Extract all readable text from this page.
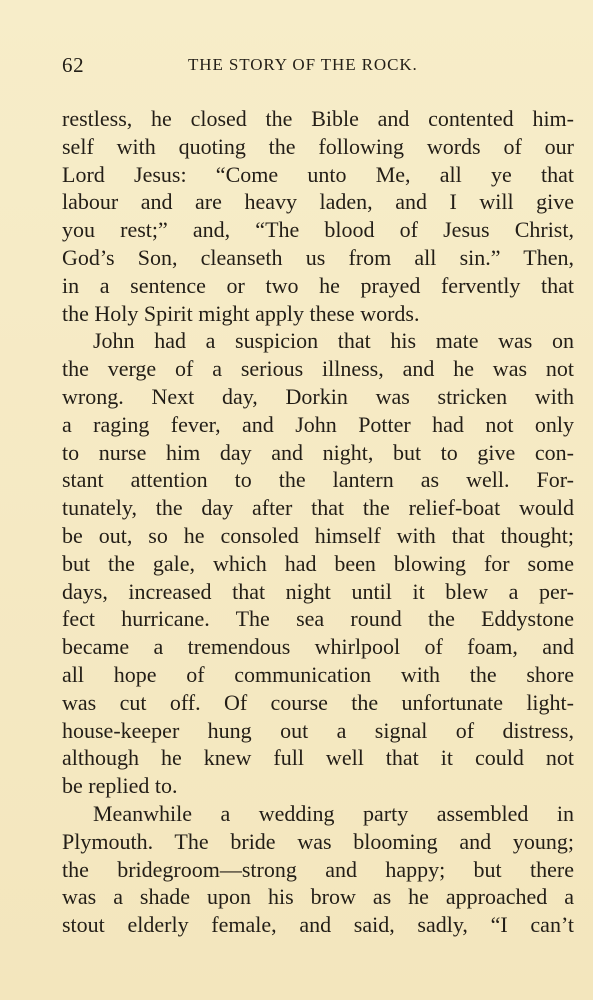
62	THE STORY OF THE ROCK.
restless, he closed the Bible and contented him-
self with quoting the following words of our
Lord Jesus: “Come unto Me, all ye that
labour and are heavy laden, and I will give
you rest;” and, “The blood of Jesus Christ,
God’s Son, cleanseth us from all sin.” Then,
in a sentence or two he prayed fervently that
the Holy Spirit might apply these words.
John had a suspicion that his mate was on
the verge of a serious illness, and he was not
wrong. Next day, Dorkin was stricken with
a raging fever, and John Potter had not only
to nurse him day and night, but to give con-
stant attention to the lantern as well. For-
tunately, the day after that the relief-boat would
be out, so he consoled himself with that thought;
but the gale, which had been blowing for some
days, increased that night until it blew a per-
fect hurricane. The sea round the Eddystone
became a tremendous whirlpool of foam, and
all hope of communication with the shore
was cut off. Of course the unfortunate light-
house-keeper hung out a signal of distress,
although he knew full well that it could not
be replied to.
Meanwhile a wedding party assembled in
Plymouth. The bride was blooming and young;
the bridegroom—strong and happy; but there
was a shade upon his brow as he approached a
stout elderly female, and said, sadly, “I can’t
